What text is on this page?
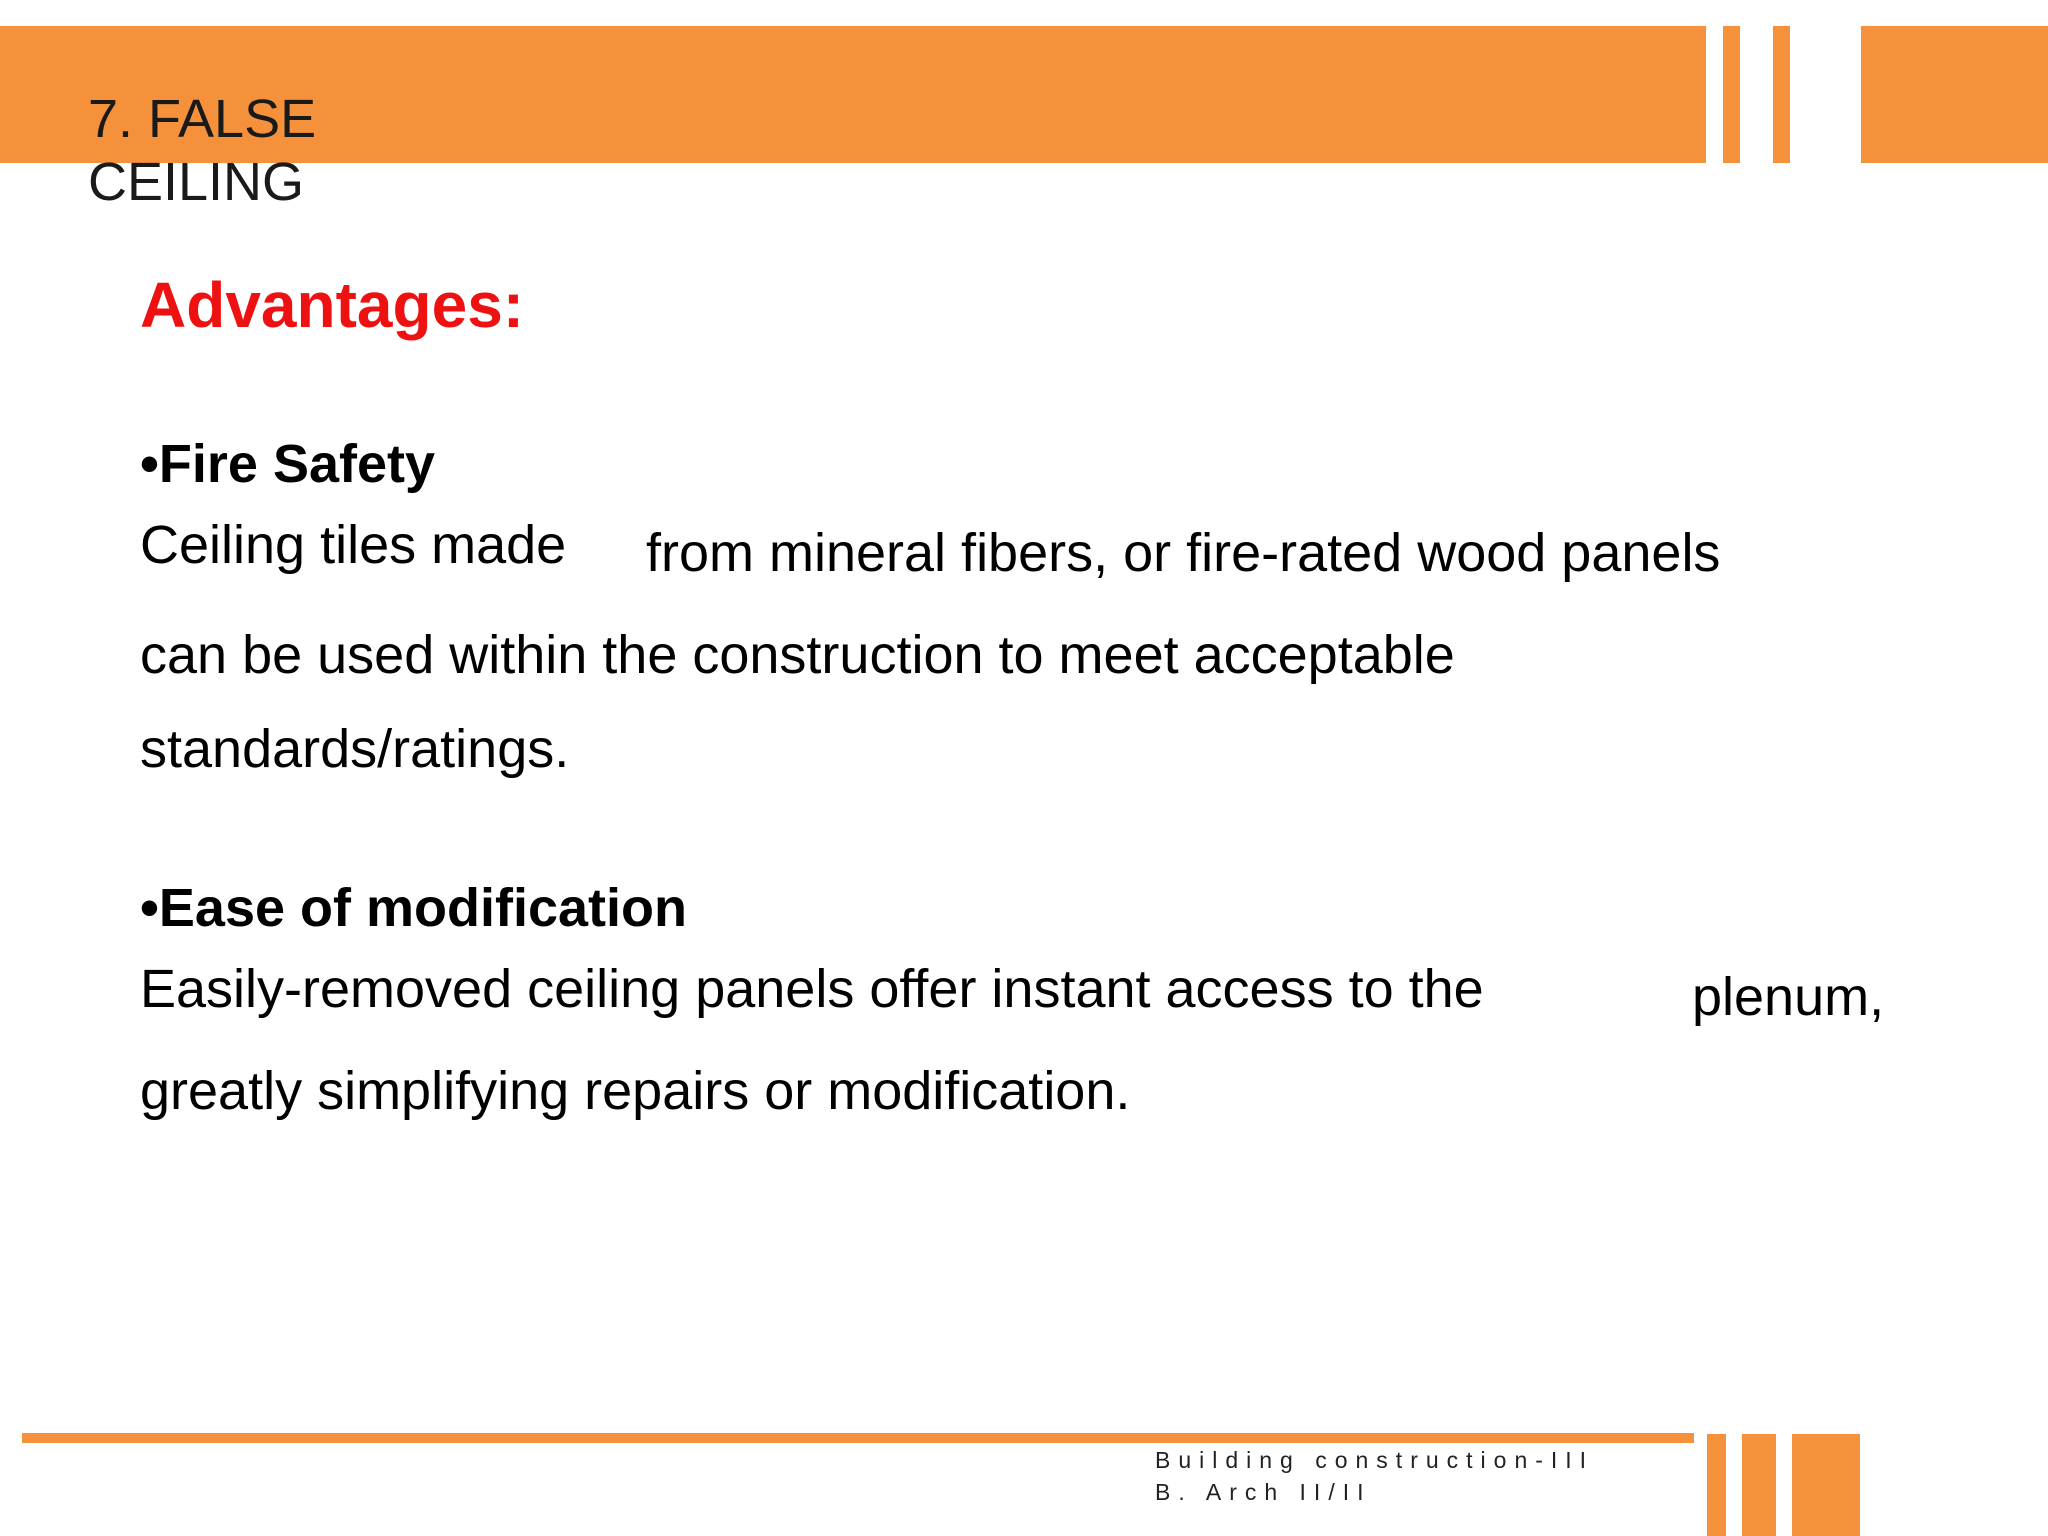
7. FALSE CEILING
Advantages:
•Fire Safety
Ceiling tiles made from mineral fibers, or fire-rated wood panels
can be used within the construction to meet acceptable
standards/ratings.
•Ease of modification
Easily-removed ceiling panels offer instant access to the	plenum,
greatly simplifying repairs or modification.
Building construction-III
B. Arch II/II
